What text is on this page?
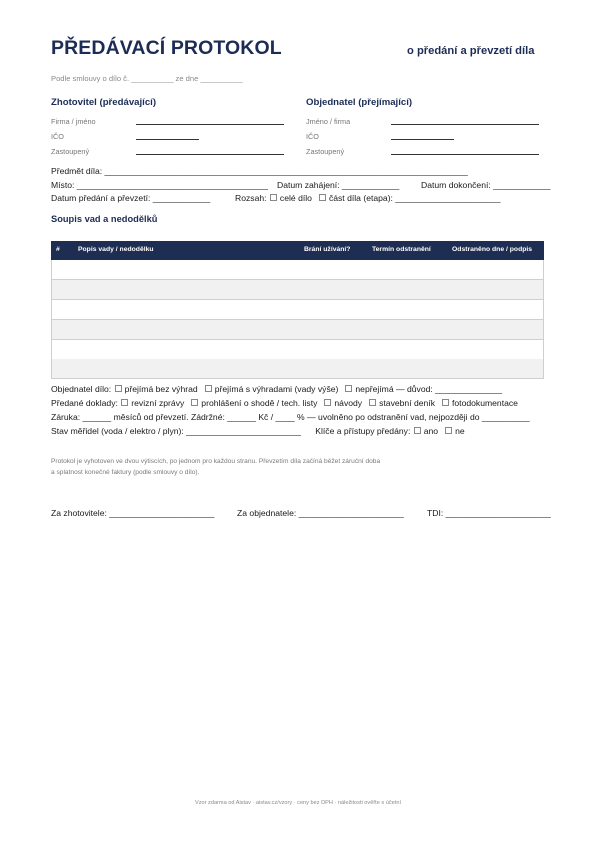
PŘEDÁVACÍ PROTOKOL	o předání a převzetí díla
Podle smlouvy o dílo č. __________ ze dne __________
Zhotovitel (předávající)
Firma / jméno
IČO
Zastoupený
Objednatel (přejímající)
Jméno / firma
IČO
Zastoupený
Předmět díla: ____________________________________________________________________________
Místo: ________________________________________ Datum zahájení: ____________	Datum dokončení: ____________
Datum předání a převzetí: ____________	Rozsah: celé dílo část díla (etapa): ______________________
Soupis vad a nedodělků
#	Popis vady / nedodělku	Brání užívání?	Termín odstranění	Odstraněno dne / podpis
Objednatel dílo: přejímá bez výhrad přejímá s výhradami (vady výše) nepřejímá — důvod: ______________
Předané doklady: revizní zprávy prohlášení o shodě / tech. listy návody stavební deník fotodokumentace
Záruka: ______ měsíců od převzetí. Zádržné: ______ Kč / ____ % — uvolněno po odstranění vad, nejpozději do __________
Stav měřidel (voda / elektro / plyn): ________________________ Klíče a přístupy předány: ano ne
Protokol je vyhotoven ve dvou výtiscích, po jednom pro každou stranu. Převzetím díla začíná běžet záruční doba
a splatnost konečné faktury (podle smlouvy o dílo).
Za zhotovitele: ______________________	Za objednatele: ______________________	TDI: ______________________
Vzor zdarma od Aistav · aistav.cz/vzory · ceny bez DPH · náležitosti ověřte s účetní
